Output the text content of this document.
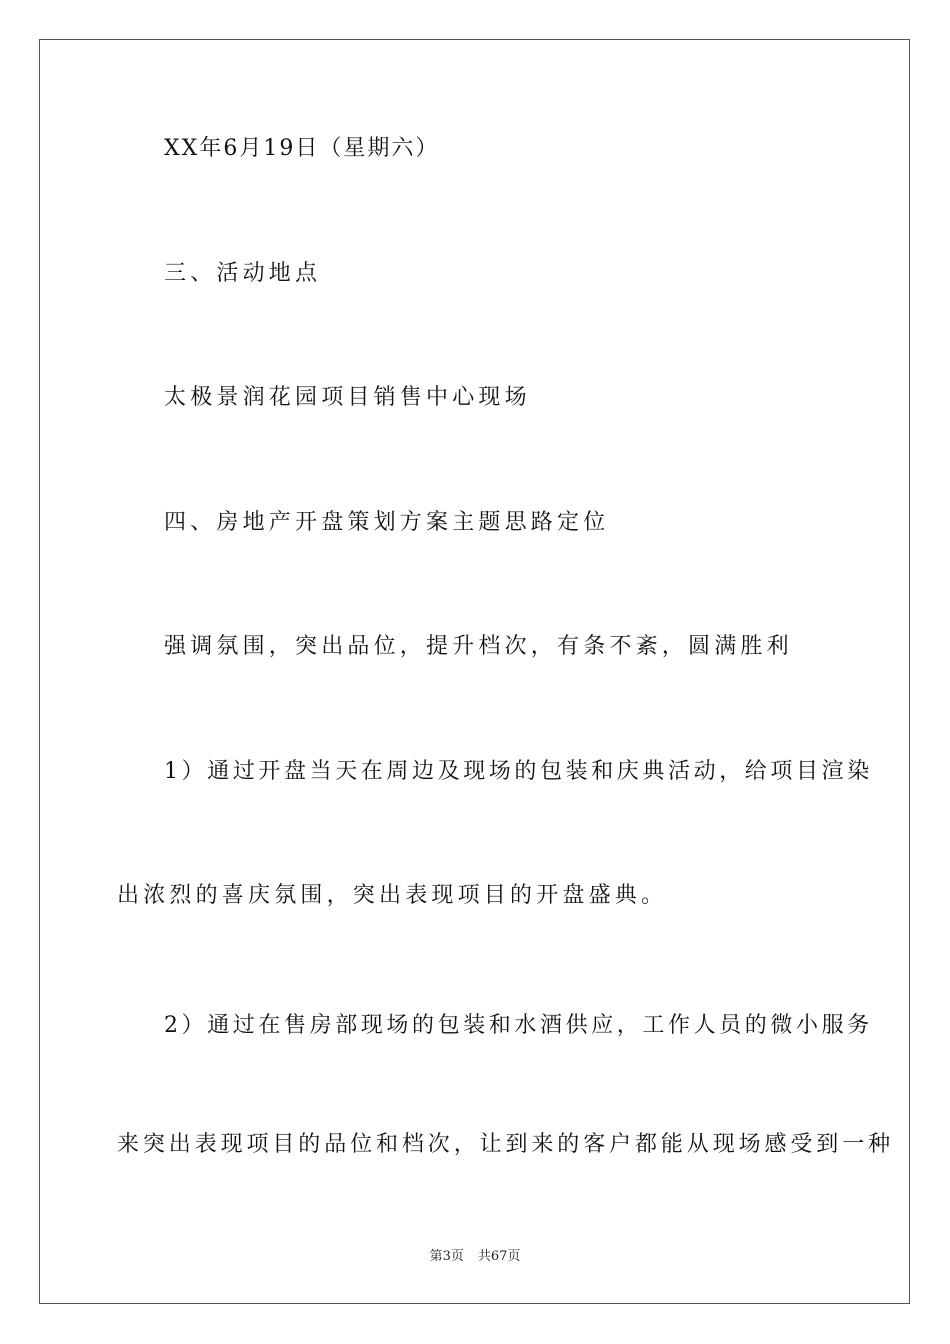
XX年6月19日（星期六）
三、活动地点
太极景润花园项目销售中心现场
四、房地产开盘策划方案主题思路定位
强调氛围，突出品位，提升档次，有条不紊，圆满胜利
1）通过开盘当天在周边及现场的包装和庆典活动，给项目渲染
出浓烈的喜庆氛围，突出表现项目的开盘盛典。
2）通过在售房部现场的包装和水酒供应，工作人员的微小服务
来突出表现项目的品位和档次，让到来的客户都能从现场感受到一种
第3页 共67页
